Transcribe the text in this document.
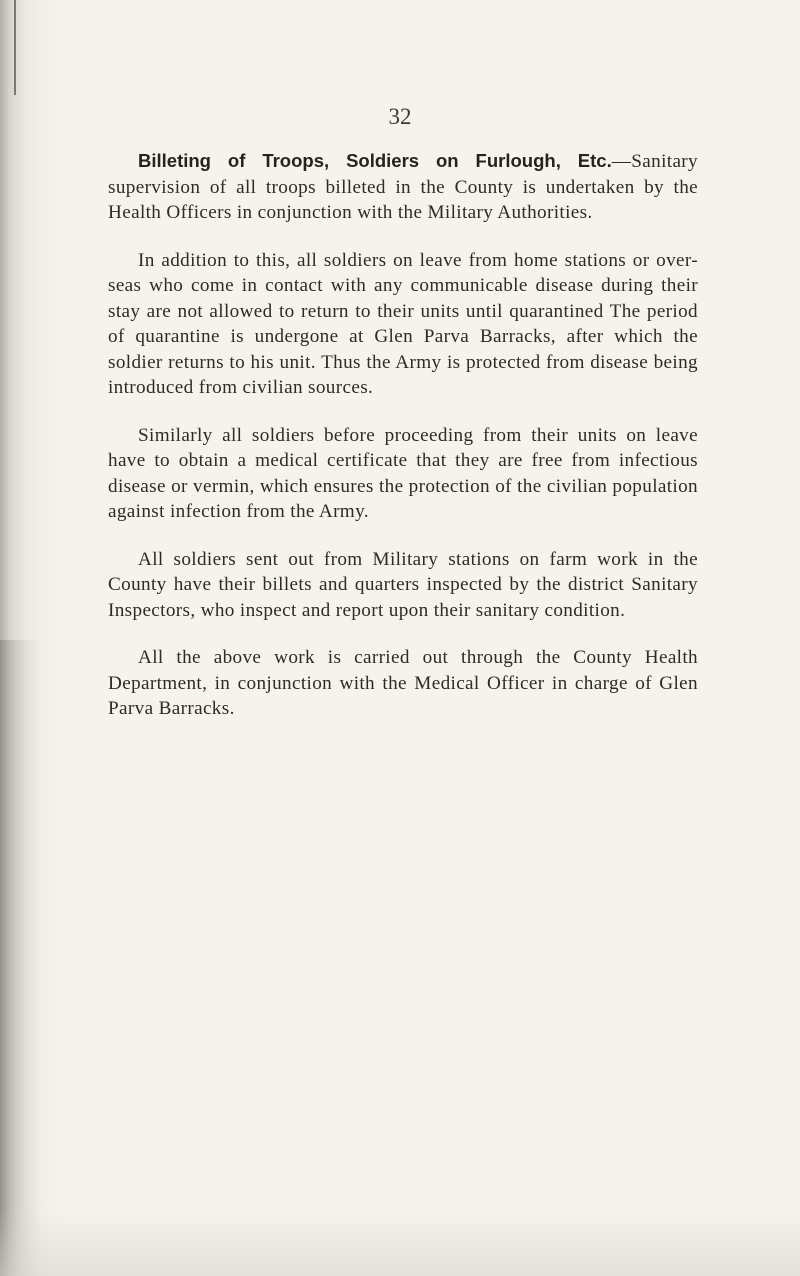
32

Billeting of Troops, Soldiers on Furlough, Etc.—Sanitary supervision of all troops billeted in the County is undertaken by the Health Officers in conjunction with the Military Authorities.

In addition to this, all soldiers on leave from home stations or over-seas who come in contact with any communicable disease during their stay are not allowed to return to their units until quarantined The period of quarantine is undergone at Glen Parva Barracks, after which the soldier returns to his unit. Thus the Army is protected from disease being introduced from civilian sources.

Similarly all soldiers before proceeding from their units on leave have to obtain a medical certificate that they are free from infectious disease or vermin, which ensures the protection of the civilian population against infection from the Army.

All soldiers sent out from Military stations on farm work in the County have their billets and quarters inspected by the district Sanitary Inspectors, who inspect and report upon their sanitary condition.

All the above work is carried out through the County Health Department, in conjunction with the Medical Officer in charge of Glen Parva Barracks.
